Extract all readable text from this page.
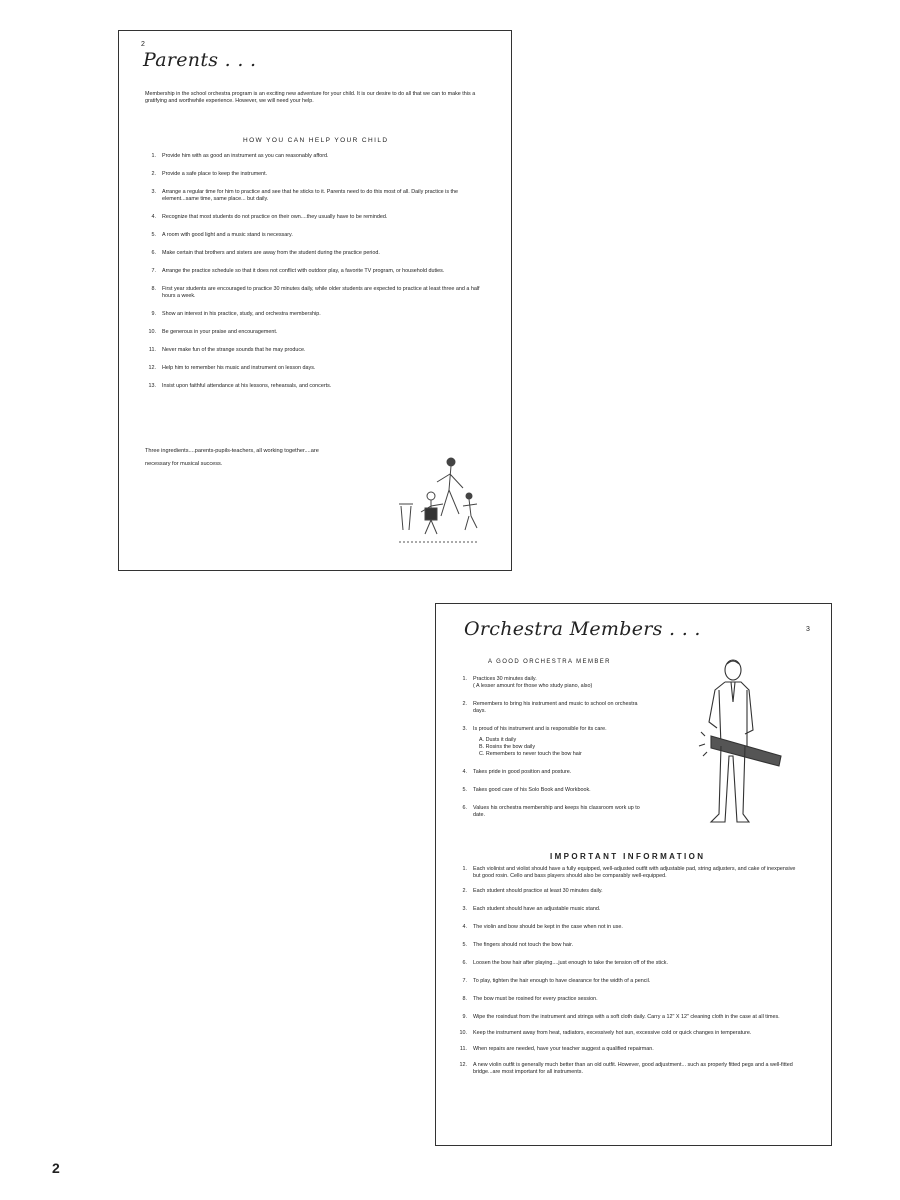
2
Parents . . .
Membership in the school orchestra program is an exciting new adventure for your child. It is our desire to do all that we can to make this a gratifying and worthwhile experience. However, we will need your help.
HOW YOU CAN HELP YOUR CHILD
1.	Provide him with as good an instrument as you can reasonably afford.
2.	Provide a safe place to keep the instrument.
3.	Arrange a regular time for him to practice and see that he sticks to it. Parents need to do this most of all. Daily practice is the element...same time, same place... but daily.
4.	Recognize that most students do not practice on their own....they usually have to be reminded.
5.	A room with good light and a music stand is necessary.
6.	Make certain that brothers and sisters are away from the student during the practice period.
7.	Arrange the practice schedule so that it does not conflict with outdoor play, a favorite TV program, or household duties.
8.	First year students are encouraged to practice 30 minutes daily, while older students are expected to practice at least three and a half hours a week.
9.	Show an interest in his practice, study, and orchestra membership.
10.	Be generous in your praise and encouragement.
11.	Never make fun of the strange sounds that he may produce.
12.	Help him to remember his music and instrument on lesson days.
13.	Insist upon faithful attendance at his lessons, rehearsals, and concerts.
Three ingredients....parents-pupils-teachers, all working together....are necessary for musical success.
Orchestra Members . . .	3
A GOOD ORCHESTRA MEMBER
1.	Practices 30 minutes daily.
( A lesser amount for those who study piano, also)
2.	Remembers to bring his instrument and music to school on orchestra days.
3.	Is proud of his instrument and is responsible for its care.
A. Dusts it daily
B. Rosins the bow daily
C. Remembers to never touch the bow hair
4.	Takes pride in good position and posture.
5.	Takes good care of his Solo Book and Workbook.
6.	Values his orchestra membership and keeps his classroom work up to date.
IMPORTANT INFORMATION
1.	Each violinist and violist should have a fully equipped, well-adjusted outfit with adjustable pad, string adjusters, and cake of inexpensive but good rosin. Cello and bass players should also be comparably well-equipped.
2.	Each student should practice at least 30 minutes daily.
3.	Each student should have an adjustable music stand.
4.	The violin and bow should be kept in the case when not in use.
5.	The fingers should not touch the bow hair.
6.	Loosen the bow hair after playing....just enough to take the tension off of the stick.
7.	To play, tighten the hair enough to have clearance for the width of a pencil.
8.	The bow must be rosined for every practice session.
9.	Wipe the rosindust from the instrument and strings with a soft cloth daily. Carry a 12" X 12" cleaning cloth in the case at all times.
10.	Keep the instrument away from heat, radiators, excessively hot sun, excessive cold or quick changes in temperature.
11.	When repairs are needed, have your teacher suggest a qualified repairman.
12.	A new violin outfit is generally much better than an old outfit. However, good adjustment... such as properly fitted pegs and a well-fitted bridge...are most important for all instruments.
2
